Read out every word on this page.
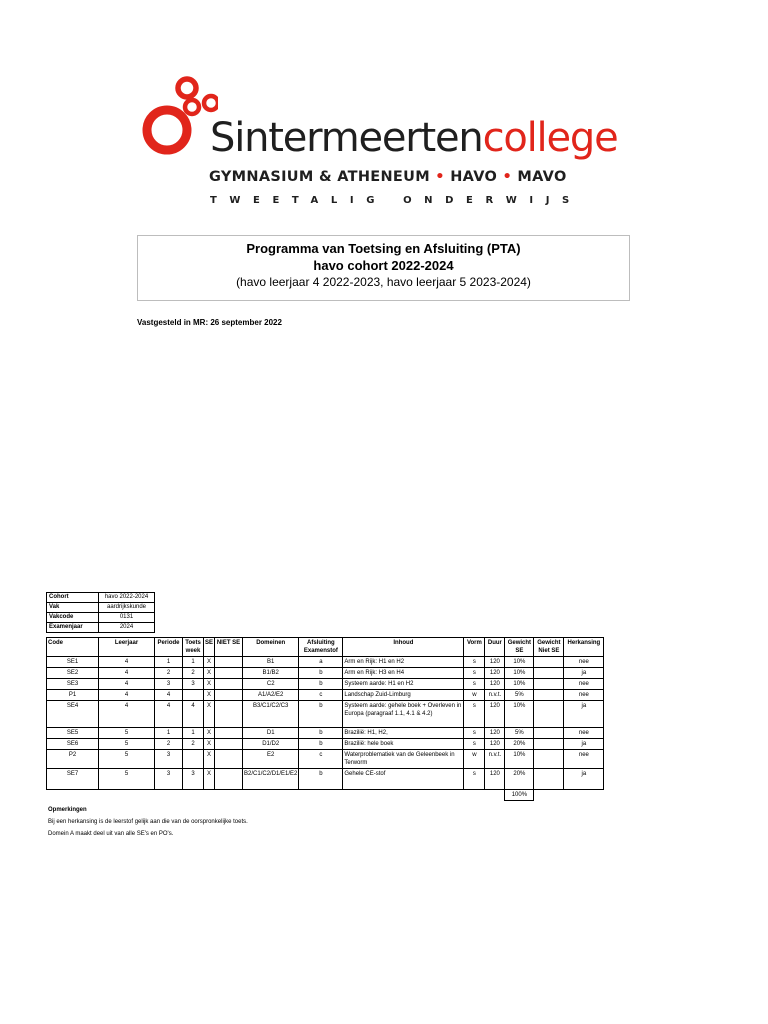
Sintermeertencollege
GYMNASIUM & ATHENEUM • HAVO • MAVO
TWEETALIG ONDERWIJS
Programma van Toetsing en Afsluiting (PTA)
havo cohort 2022-2024
(havo leerjaar 4 2022-2023, havo leerjaar 5 2023-2024)
Vastgesteld in MR: 26 september 2022
Cohort	havo 2022-2024
Vak	aardrijkskunde
Vakcode	0131
Examenjaar	2024
Code	Leerjaar	Periode	Toets week	SE	NIET SE	Domeinen	Afsluiting Examenstof	Inhoud	Vorm	Duur	Gewicht SE	Gewicht Niet SE	Herkansing
SE1	4	1	1	X		B1	a	Arm en Rijk: H1 en H2	s	120	10%		nee
SE2	4	2	2	X		B1/B2	b	Arm en Rijk: H3 en H4	s	120	10%		ja
SE3	4	3	3	X		C2	b	Systeem aarde: H1 en H2	s	120	10%		nee
P1	4	4		X		A1/A2/E2	c	Landschap Zuid-Limburg	w	n.v.t.	5%		nee
SE4	4	4	4	X		B3/C1/C2/C3	b	Systeem aarde: gehele boek + Overleven in Europa (paragraaf 1.1, 4.1 & 4.2)	s	120	10%		ja
SE5	5	1	1	X		D1	b	Brazilië: H1, H2,	s	120	5%		nee
SE6	5	2	2	X		D1/D2	b	Brazilië: hele boek	s	120	20%		ja
P2	5	3		X		E2	c	Waterproblematiek van de Geleenbeek in Terworm	w	n.v.t.	10%		nee
SE7	5	3	3	X		B2/C1/C2/D1/E1/E2	b	Gehele CE-stof	s	120	20%		ja
											100%		
Opmerkingen

Bij een herkansing is de leerstof gelijk aan die van de oorspronkelijke toets.

Domein A maakt deel uit van alle SE's en PO's.
